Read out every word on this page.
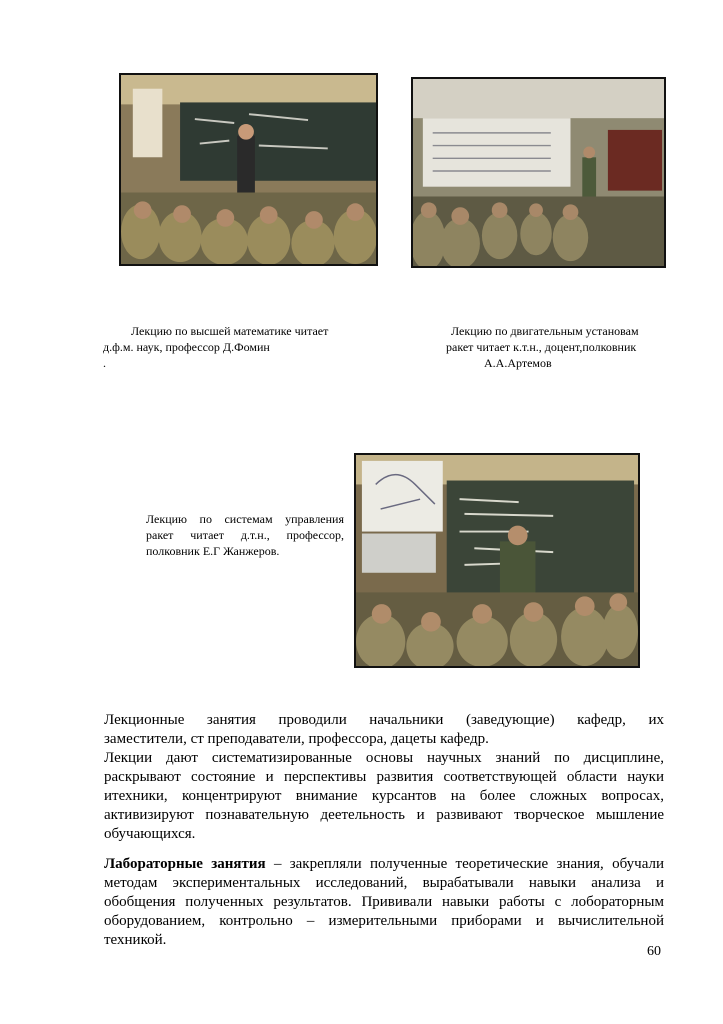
Лекцию по высшей математике читает
д.ф.м. наук, профессор Д.Фомин
.
Лекцию по двигательным установам
ракет читает к.т.н., доцент,полковник
А.А.Артемов
Лекцию по системам управления
ракет читает д.т.н., профессор,
полковник Е.Г Жанжеров.
Лекционные занятия проводили начальники (заведующие) кафедр, их
заместители, ст преподаватели, профессора, дацеты кафедр.
Лекции дают систематизированные основы научных знаний по дисциплине,
раскрывают состояние и перспективы развития соответствующей области науки
итехники, концентрируют внимание курсантов на более сложных вопросах,
активизируют познавательную деетельность и развивают творческое мышление
обучающихся.
Лабораторные занятия – закрепляли полученные теоретические знания, обучали
методам экспериментальных исследований, вырабатывали навыки анализа и
обобщения полученных результатов. Прививали навыки работы с лобораторным
оборудованием, контрольно – измерительными приборами и вычислительной
техникой.
60
